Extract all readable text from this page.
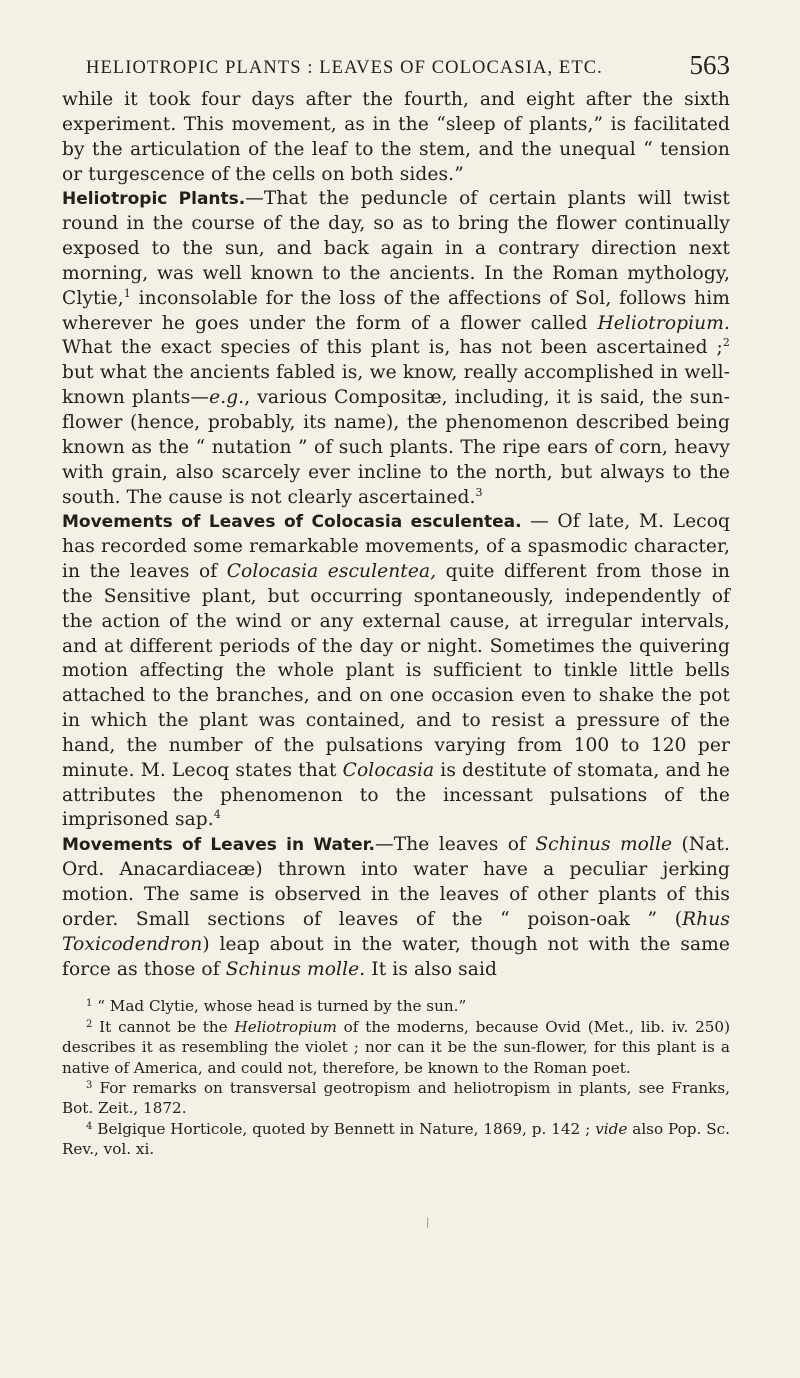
HELIOTROPIC PLANTS : LEAVES OF COLOCASIA, ETC.	563

while it took four days after the fourth, and eight after the sixth experiment. This movement, as in the “sleep of plants,” is facilitated by the articulation of the leaf to the stem, and the unequal “ tension or turgescence of the cells on both sides.”

Heliotropic Plants.—That the peduncle of certain plants will twist round in the course of the day, so as to bring the flower continually exposed to the sun, and back again in a contrary direction next morning, was well known to the ancients. In the Roman mythology, Clytie,$^1$ inconsolable for the loss of the affections of Sol, follows him wherever he goes under the form of a flower called Heliotropium. What the exact species of this plant is, has not been ascertained ;$^2$ but what the ancients fabled is, we know, really accomplished in well-known plants—e.g., various Compositæ, including, it is said, the sun-flower (hence, probably, its name), the phenomenon described being known as the “ nutation ” of such plants. The ripe ears of corn, heavy with grain, also scarcely ever incline to the north, but always to the south. The cause is not clearly ascertained.$^3$

Movements of Leaves of Colocasia esculentea. — Of late, M. Lecoq has recorded some remarkable movements, of a spasmodic character, in the leaves of Colocasia esculentea, quite different from those in the Sensitive plant, but occurring spontaneously, independently of the action of the wind or any external cause, at irregular intervals, and at different periods of the day or night. Sometimes the quivering motion affecting the whole plant is sufficient to tinkle little bells attached to the branches, and on one occasion even to shake the pot in which the plant was contained, and to resist a pressure of the hand, the number of the pulsations varying from 100 to 120 per minute. M. Lecoq states that Colocasia is destitute of stomata, and he attributes the phenomenon to the incessant pulsations of the imprisoned sap.$^4$

Movements of Leaves in Water.—The leaves of Schinus molle (Nat. Ord. Anacardiaceæ) thrown into water have a peculiar jerking motion. The same is observed in the leaves of other plants of this order. Small sections of leaves of the “ poison-oak ” (Rhus Toxicodendron) leap about in the water, though not with the same force as those of Schinus molle. It is also said

$^1$ “ Mad Clytie, whose head is turned by the sun.”

$^2$ It cannot be the Heliotropium of the moderns, because Ovid (Met., lib. iv. 250) describes it as resembling the violet ; nor can it be the sun-flower, for this plant is a native of America, and could not, therefore, be known to the Roman poet.

$^3$ For remarks on transversal geotropism and heliotropism in plants, see Franks, Bot. Zeit., 1872.

$^4$ Belgique Horticole, quoted by Bennett in Nature, 1869, p. 142 ; vide also Pop. Sc. Rev., vol. xi.

|
